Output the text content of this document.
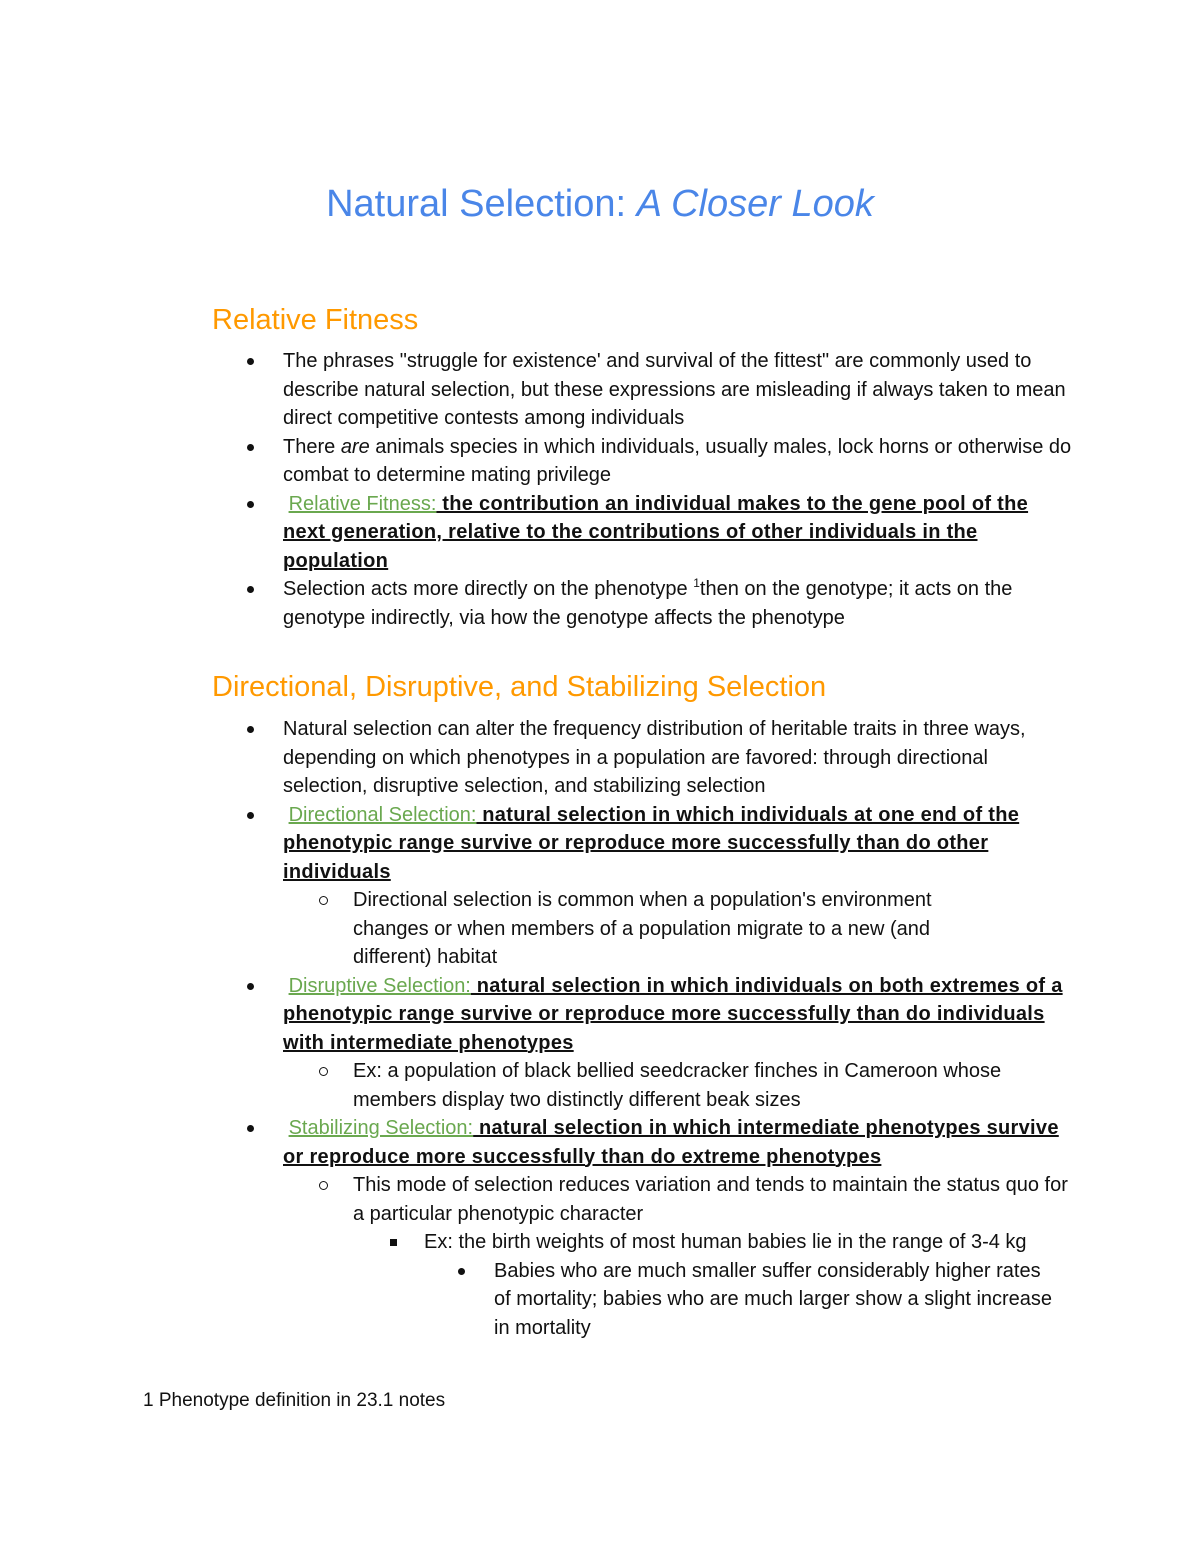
Natural Selection: A Closer Look
Relative Fitness
The phrases "struggle for existence' and survival of the fittest" are commonly used to describe natural selection, but these expressions are misleading if always taken to mean direct competitive contests among individuals
There are animals species in which individuals, usually males, lock horns or otherwise do combat to determine mating privilege
Relative Fitness: the contribution an individual makes to the gene pool of the next generation, relative to the contributions of other individuals in the population
Selection acts more directly on the phenotype $^1$then on the genotype; it acts on the genotype indirectly, via how the genotype affects the phenotype
Directional, Disruptive, and Stabilizing Selection
Natural selection can alter the frequency distribution of heritable traits in three ways, depending on which phenotypes in a population are favored: through directional selection, disruptive selection, and stabilizing selection
Directional Selection: natural selection in which individuals at one end of the phenotypic range survive or reproduce more successfully than do other individuals
Directional selection is common when a population's environment changes or when members of a population migrate to a new (and different) habitat
Disruptive Selection: natural selection in which individuals on both extremes of a phenotypic range survive or reproduce more successfully than do individuals with intermediate phenotypes
Ex: a population of black bellied seedcracker finches in Cameroon whose members display two distinctly different beak sizes
Stabilizing Selection: natural selection in which intermediate phenotypes survive or reproduce more successfully than do extreme phenotypes
This mode of selection reduces variation and tends to maintain the status quo for a particular phenotypic character
Ex: the birth weights of most human babies lie in the range of 3-4 kg
Babies who are much smaller suffer considerably higher rates of mortality; babies who are much larger show a slight increase in mortality

1 Phenotype definition in 23.1 notes
